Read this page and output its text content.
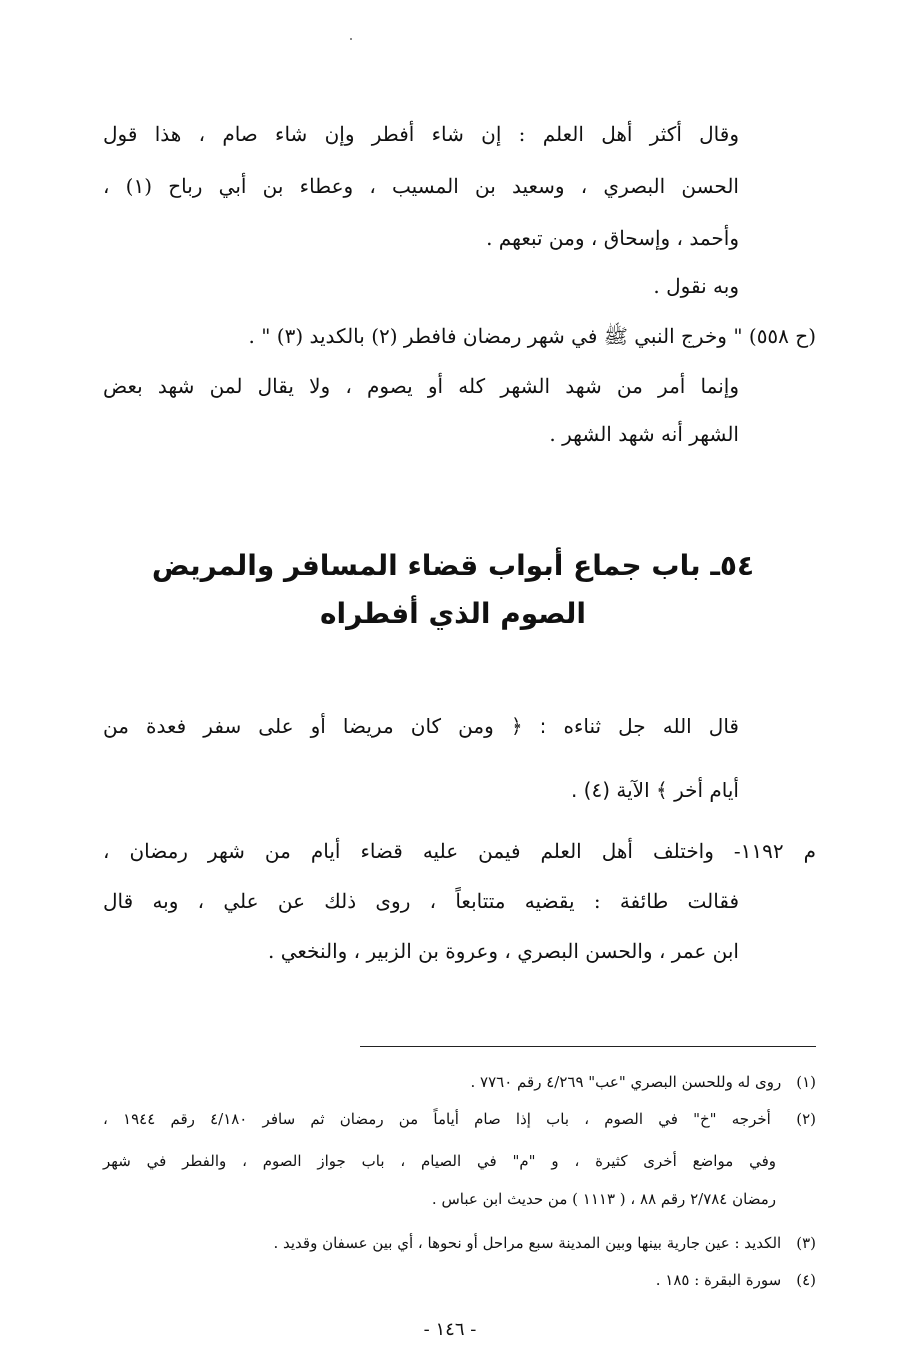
وقال أكثر أهل العلم : إن شاء أفطر وإن شاء صام ، هذا قول
الحسن البصري ، وسعيد بن المسيب ، وعطاء بن أبي رباح (١) ،
وأحمد ، وإسحاق ، ومن تبعهم .
وبه نقول .
(ح ٥٥٨) " وخرج النبي ﷺ في شهر رمضان فافطر (٢) بالكديد (٣) " .
وإنما أمر من شهد الشهر كله أو يصوم ، ولا يقال لمن شهد بعض
الشهر أنه شهد الشهر .
٥٤ـ باب جماع أبواب قضاء المسافر والمريض
الصوم الذي أفطراه
قال الله جل ثناءه : ﴿ ومن كان مريضا أو على سفر فعدة من
أيام أخر ﴾ الآية (٤) .
م ١١٩٢- واختلف أهل العلم فيمن عليه قضاء أيام من شهر رمضان ،
فقالت طائفة : يقضيه متتابعاً ، روى ذلك عن علي ، وبه قال
ابن عمر ، والحسن البصري ، وعروة بن الزبير ، والنخعي .
(١) روى له وللحسن البصري "عب" ٤/٢٦٩ رقم ٧٧٦٠ .
(٢) أخرجه "خ" في الصوم ، باب إذا صام أياماً من رمضان ثم سافر ٤/١٨٠ رقم ١٩٤٤ ،
وفي مواضع أخرى كثيرة ، و "م" في الصيام ، باب جواز الصوم ، والفطر في شهر
رمضان ٢/٧٨٤ رقم ٨٨ ، ( ١١١٣ ) من حديث ابن عباس .
(٣) الكديد : عين جارية بينها وبين المدينة سبع مراحل أو نحوها ، أي بين عسفان وقديد .
(٤) سورة البقرة : ١٨٥ .
- ١٤٦ -
